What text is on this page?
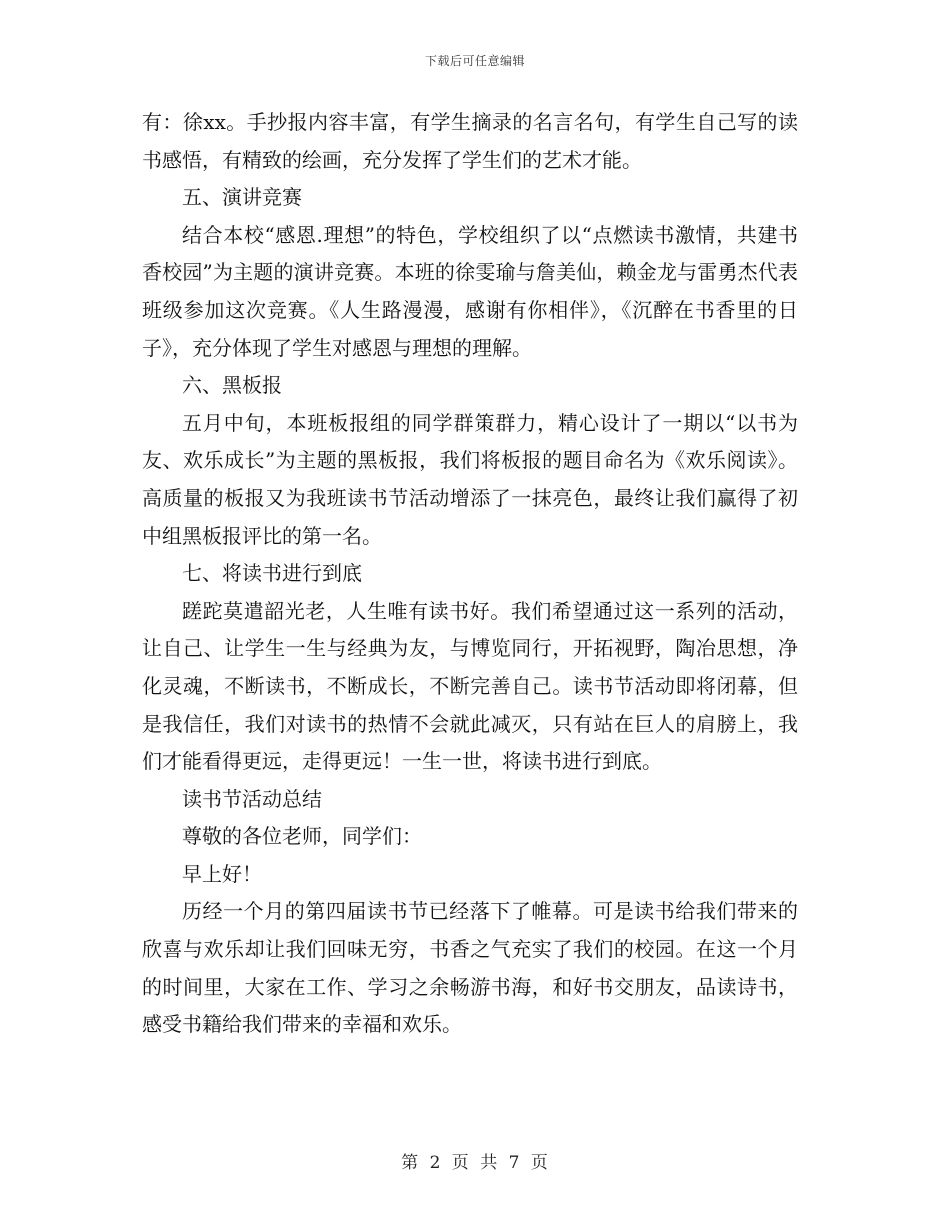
下载后可任意编辑

有：徐xx。手抄报内容丰富，有学生摘录的名言名句，有学生自己写的读书感悟，有精致的绘画，充分发挥了学生们的艺术才能。

五、演讲竞赛

结合本校“感恩.理想”的特色，学校组织了以“点燃读书激情，共建书香校园”为主题的演讲竞赛。本班的徐雯瑜与詹美仙，赖金龙与雷勇杰代表班级参加这次竞赛。《人生路漫漫，感谢有你相伴》，《沉醉在书香里的日子》，充分体现了学生对感恩与理想的理解。

六、黑板报

五月中旬，本班板报组的同学群策群力，精心设计了一期以“以书为友、欢乐成长”为主题的黑板报，我们将板报的题目命名为《欢乐阅读》。高质量的板报又为我班读书节活动增添了一抹亮色，最终让我们赢得了初中组黑板报评比的第一名。

七、将读书进行到底

蹉跎莫遣韶光老，人生唯有读书好。我们希望通过这一系列的活动，让自己、让学生一生与经典为友，与博览同行，开拓视野，陶冶思想，净化灵魂，不断读书，不断成长，不断完善自己。读书节活动即将闭幕，但是我信任，我们对读书的热情不会就此减灭，只有站在巨人的肩膀上，我们才能看得更远，走得更远！一生一世，将读书进行到底。

读书节活动总结

尊敬的各位老师，同学们：

早上好！

历经一个月的第四届读书节已经落下了帷幕。可是读书给我们带来的欣喜与欢乐却让我们回味无穷，书香之气充实了我们的校园。在这一个月的时间里，大家在工作、学习之余畅游书海，和好书交朋友，品读诗书，感受书籍给我们带来的幸福和欢乐。

第 2 页 共 7 页
